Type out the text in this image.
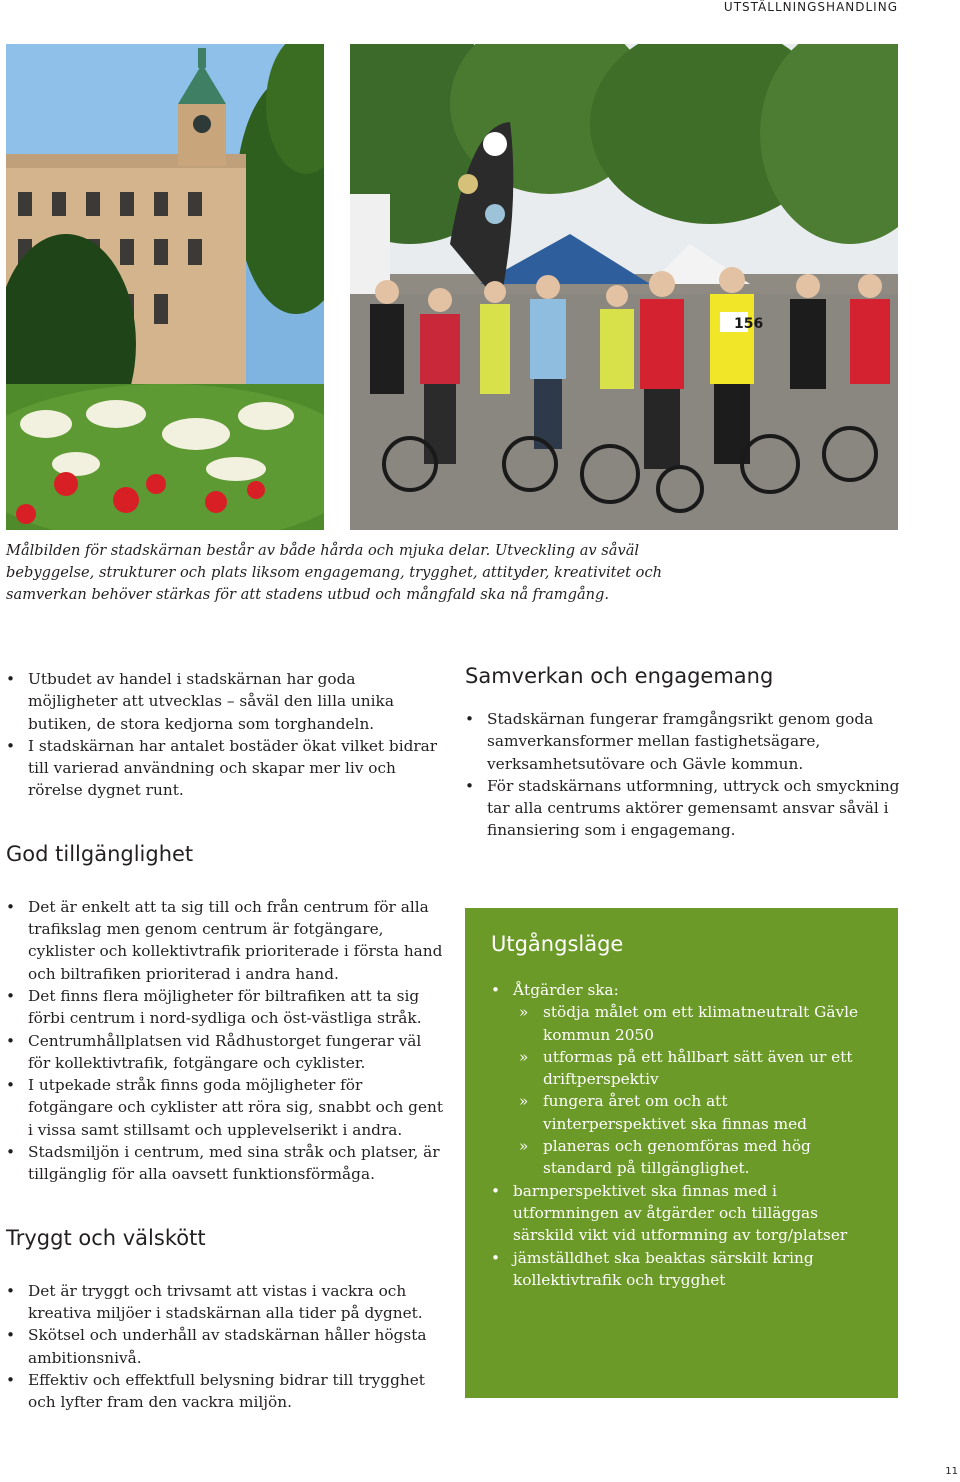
UTSTÄLLNINGSHANDLING
156
Målbilden för stadskärnan består av både hårda och mjuka delar. Utveckling av såväl bebyggelse, strukturer och plats liksom engagemang, trygghet, attityder, kreativitet och samverkan behöver stärkas för att stadens utbud och mångfald ska nå framgång.
• Utbudet av handel i stadskärnan har goda möjligheter att utvecklas – såväl den lilla unika butiken, de stora kedjorna som torghandeln.
• I stadskärnan har antalet bostäder ökat vilket bidrar till varierad användning och skapar mer liv och rörelse dygnet runt.
God tillgänglighet
• Det är enkelt att ta sig till och från centrum för alla trafikslag men genom centrum är fotgängare, cyklister och kollektivtrafik prioriterade i första hand och biltrafiken prioriterad i andra hand.
• Det finns flera möjligheter för biltrafiken att ta sig förbi centrum i nord-sydliga och öst-västliga stråk.
• Centrumhållplatsen vid Rådhustorget fungerar väl för kollektivtrafik, fotgängare och cyklister.
• I utpekade stråk finns goda möjligheter för fotgängare och cyklister att röra sig, snabbt och gent i vissa samt stillsamt och upplevelserikt i andra.
• Stadsmiljön i centrum, med sina stråk och platser, är tillgänglig för alla oavsett funktionsförmåga.
Tryggt och välskött
• Det är tryggt och trivsamt att vistas i vackra och kreativa miljöer i stadskärnan alla tider på dygnet.
• Skötsel och underhåll av stadskärnan håller högsta ambitionsnivå.
• Effektiv och effektfull belysning bidrar till trygghet och lyfter fram den vackra miljön.
Samverkan och engagemang
• Stadskärnan fungerar framgångsrikt genom goda samverkansformer mellan fastighetsägare, verksamhetsutövare och Gävle kommun.
• För stadskärnans utformning, uttryck och smyckning tar alla centrums aktörer gemensamt ansvar såväl i finansiering som i engagemang.
Utgångsläge
• Åtgärder ska:
» stödja målet om ett klimatneutralt Gävle kommun 2050
» utformas på ett hållbart sätt även ur ett driftperspektiv
» fungera året om och att vinterperspektivet ska finnas med
» planeras och genomföras med hög standard på tillgänglighet.
• barnperspektivet ska finnas med i utformningen av åtgärder och tilläggas särskild vikt vid utformning av torg/platser
• jämställdhet ska beaktas särskilt kring kollektivtrafik och trygghet
11
